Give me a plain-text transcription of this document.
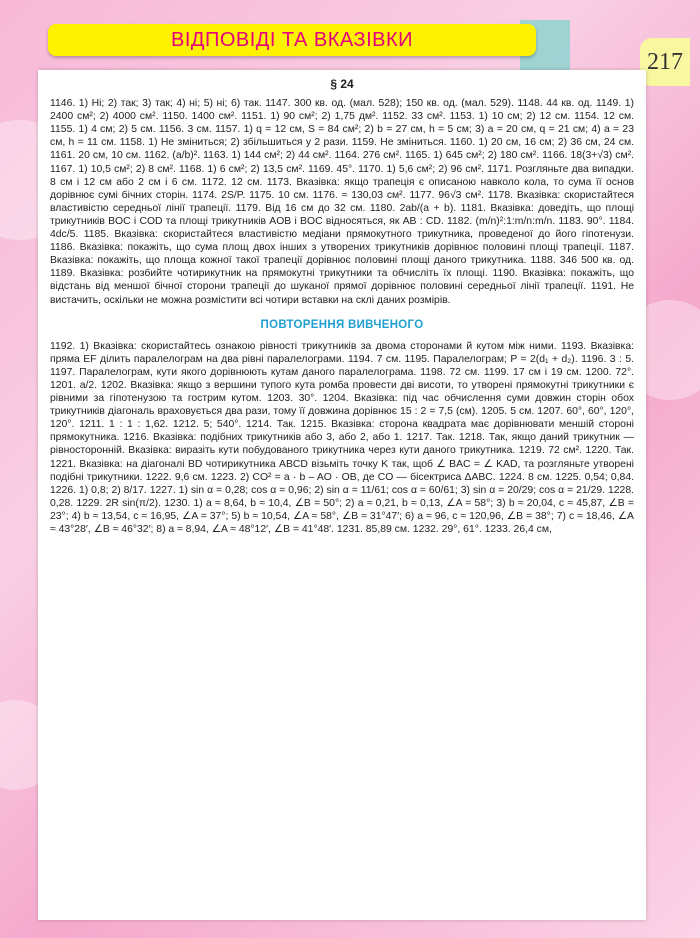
ВІДПОВІДІ ТА ВКАЗІВКИ
217
§ 24

1146. 1) Ні; 2) так; 3) так; 4) ні; 5) ні; 6) так. 1147. 300 кв. од. (мал. 528); 150 кв. од. (мал. 529). 1148. 44 кв. од. 1149. 1) 2400 см²; 2) 4000 см². 1150. 1400 см². 1151. 1) 90 см²; 2) 1,75 дм². 1152. 33 см². 1153. 1) 10 см; 2) 12 см. 1154. 12 см. 1155. 1) 4 см; 2) 5 см. 1156. 3 см. 1157. 1) q = 12 см, S = 84 см²; 2) b = 27 см, h = 5 см; 3) a = 20 см, q = 21 см; 4) a = 23 см, h = 11 см. 1158. 1) Не зміниться; 2) збільшиться у 2 рази. 1159. Не зміниться. 1160. 1) 20 см, 16 см; 2) 36 см, 24 см. 1161. 20 см, 10 см. 1162. (a/b)². 1163. 1) 144 см²; 2) 44 см². 1164. 276 см². 1165. 1) 645 см²; 2) 180 см². 1166. 18(3+√3) см². 1167. 1) 10,5 см²; 2) 8 см². 1168. 1) 6 см²; 2) 13,5 см². 1169. 45°. 1170. 1) 5,6 см²; 2) 96 см². 1171. Розгляньте два випадки. 8 см і 12 см або 2 см і 6 см. 1172. 12 см. 1173. Вказівка: якщо трапеція є описаною навколо кола, то сума її основ дорівнює сумі бічних сторін. 1174. 2S/P. 1175. 10 см. 1176. ≈ 130,03 см². 1177. 96√3 см². 1178. Вказівка: скористайтеся властивістю середньої лінії трапеції. 1179. Від 16 см до 32 см. 1180. 2ab/(a + b). 1181. Вказівка: доведіть, що площі трикутників BOC і COD та площі трикутників AOB і BOC відносяться, як AB : CD. 1182. (m/n)²:1:m/n:m/n. 1183. 90°. 1184. 4dc/5. 1185. Вказівка: скористайтеся властивістю медіани прямокутного трикутника, проведеної до його гіпотенузи. 1186. Вказівка: покажіть, що сума площ двох інших з утворених трикутників дорівнює половині площі трапеції. 1187. Вказівка: покажіть, що площа кожної такої трапеції дорівнює половині площі даного трикутника. 1188. 346 500 кв. од. 1189. Вказівка: розбийте чотирикутник на прямокутні трикутники та обчисліть їх площі. 1190. Вказівка: покажіть, що відстань від меншої бічної сторони трапеції до шуканої прямої дорівнює половині середньої лінії трапеції. 1191. Не вистачить, оскільки не можна розмістити всі чотири вставки на склі даних розмірів.

ПОВТОРЕННЯ ВИВЧЕНОГО

1192. 1) Вказівка: скористайтесь ознакою рівності трикутників за двома сторонами й кутом між ними. 1193. Вказівка: пряма EF ділить паралелограм на два рівні паралелограми. 1194. 7 см. 1195. Паралелограм; P = 2(d₁ + d₂). 1196. 3 : 5. 1197. Паралелограм, кути якого дорівнюють кутам даного паралелограма. 1198. 72 см. 1199. 17 см і 19 см. 1200. 72°. 1201. a/2. 1202. Вказівка: якщо з вершини тупого кута ромба провести дві висоти, то утворені прямокутні трикутники є рівними за гіпотенузою та гострим кутом. 1203. 30°. 1204. Вказівка: під час обчислення суми довжин сторін обох трикутників діагональ враховується два рази, тому її довжина дорівнює 15 : 2 = 7,5 (см). 1205. 5 см. 1207. 60°, 60°, 120°, 120°. 1211. 1 : 1 : 1,62. 1212. 5; 540°. 1214. Так. 1215. Вказівка: сторона квадрата має дорівнювати меншій стороні прямокутника. 1216. Вказівка: подібних трикутників або 3, або 2, або 1. 1217. Так. 1218. Так, якщо даний трикутник — рівносторонній. Вказівка: виразіть кути побудованого трикутника через кути даного трикутника. 1219. 72 см². 1220. Так. 1221. Вказівка: на діагоналі BD чотирикутника ABCD візьміть точку K так, щоб ∠ BAC = ∠ KAD, та розгляньте утворені подібні трикутники. 1222. 9,6 см. 1223. 2) CO² = a · b – AO · OB, де CO — бісектриса ΔABC. 1224. 8 см. 1225. 0,54; 0,84. 1226. 1) 0,8; 2) 8/17. 1227. 1) sin α = 0,28; cos α = 0,96; 2) sin α = 11/61; cos α = 60/61; 3) sin α = 20/29; cos α = 21/29. 1228. 0,28. 1229. 2R sin(π/2). 1230. 1) a ≈ 8,64, b ≈ 10,4, ∠B = 50°; 2) a ≈ 0,21, b ≈ 0,13, ∠A = 58°; 3) b ≈ 20,04, c ≈ 45,87, ∠B = 23°; 4) b ≈ 13,54, c ≈ 16,95, ∠A = 37°; 5) b ≈ 10,54, ∠A ≈ 58°, ∠B ≈ 31°47′; 6) a ≈ 96, c ≈ 120,96, ∠B = 38°; 7) c ≈ 18,46, ∠A ≈ 43°28′, ∠B ≈ 46°32′; 8) a ≈ 8,94, ∠A ≈ 48°12′, ∠B = 41°48′. 1231. 85,89 см. 1232. 29°, 61°. 1233. 26,4 см,
